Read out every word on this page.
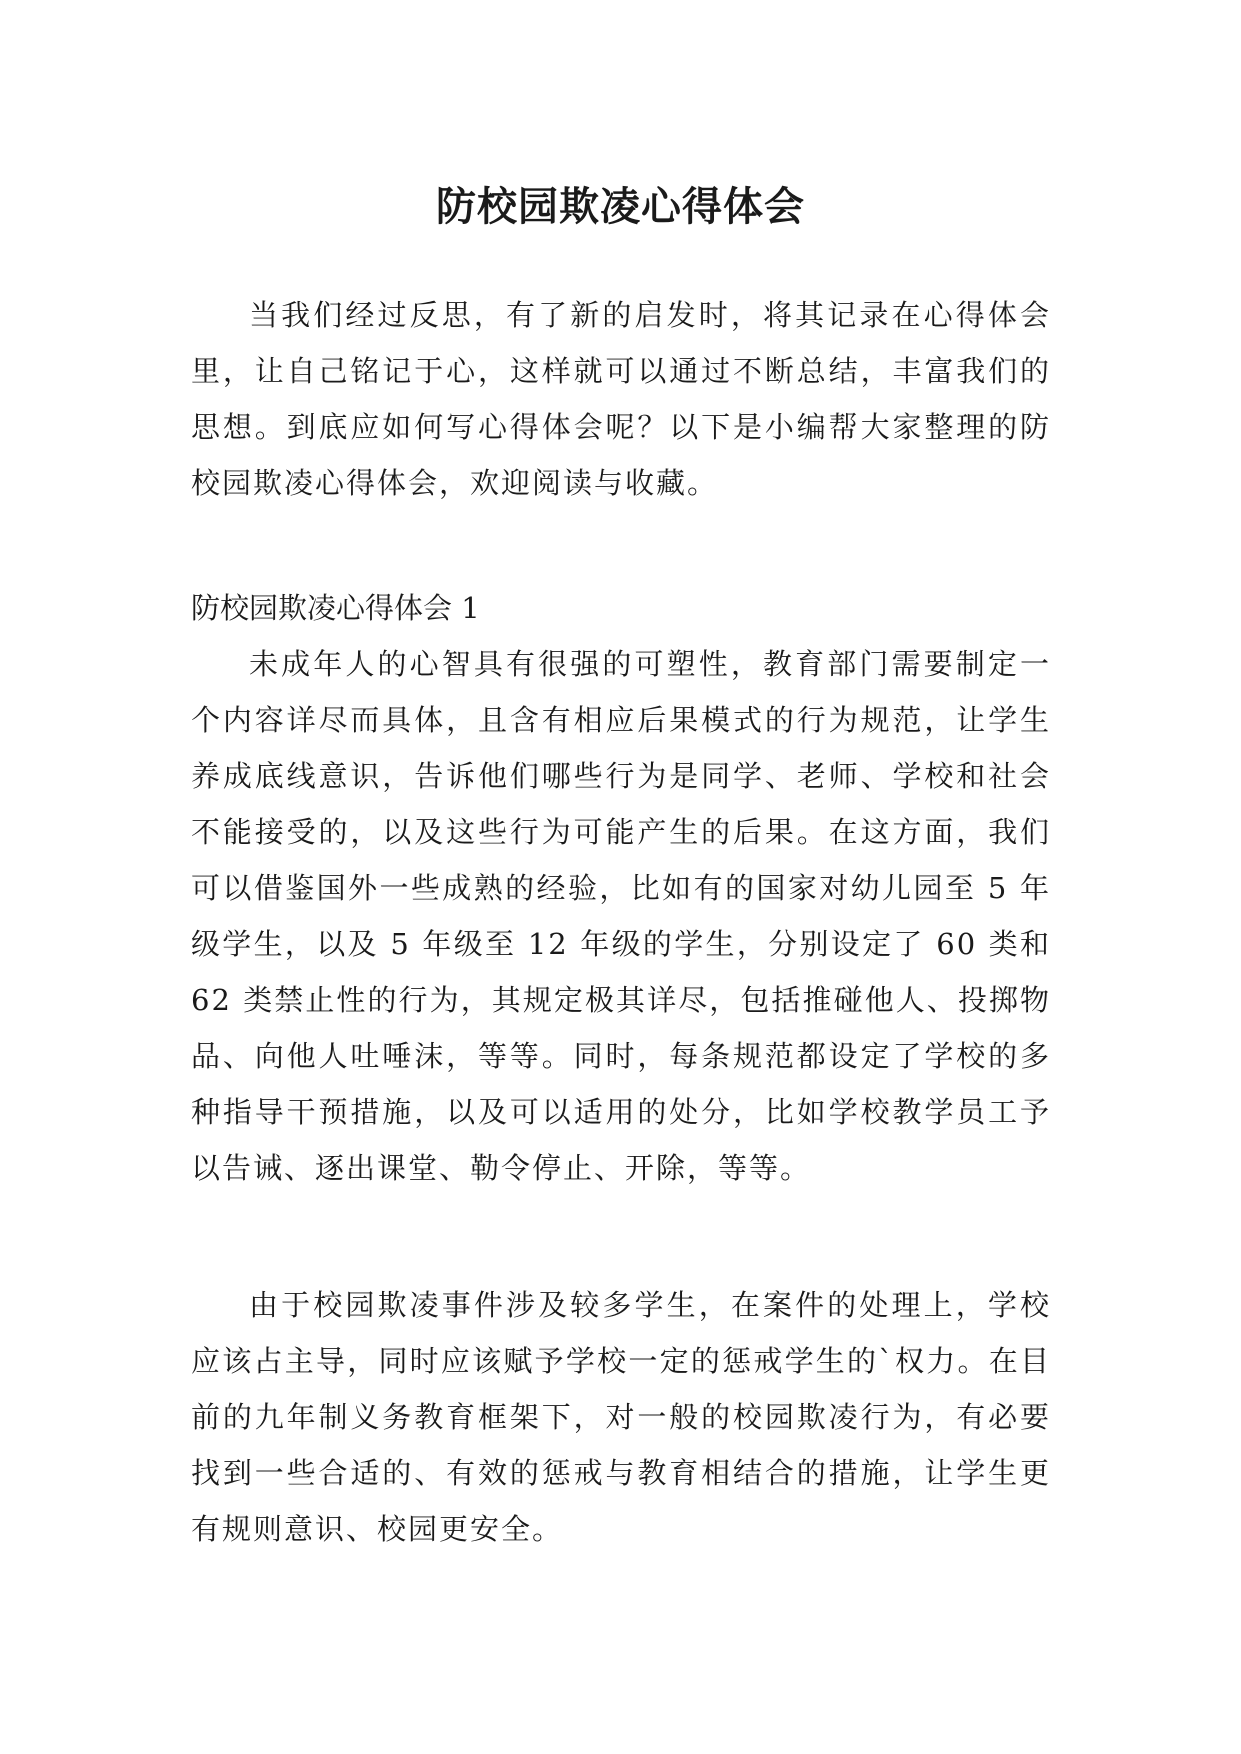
防校园欺凌心得体会

当我们经过反思，有了新的启发时，将其记录在心得体会里，让自己铭记于心，这样就可以通过不断总结，丰富我们的思想。到底应如何写心得体会呢？以下是小编帮大家整理的防校园欺凌心得体会，欢迎阅读与收藏。

防校园欺凌心得体会 1

未成年人的心智具有很强的可塑性，教育部门需要制定一个内容详尽而具体，且含有相应后果模式的行为规范，让学生养成底线意识，告诉他们哪些行为是同学、老师、学校和社会不能接受的，以及这些行为可能产生的后果。在这方面，我们可以借鉴国外一些成熟的经验，比如有的国家对幼儿园至 5 年级学生，以及 5 年级至 12 年级的学生，分别设定了 60 类和 62 类禁止性的行为，其规定极其详尽，包括推碰他人、投掷物品、向他人吐唾沫，等等。同时，每条规范都设定了学校的多种指导干预措施，以及可以适用的处分，比如学校教学员工予以告诫、逐出课堂、勒令停止、开除，等等。

由于校园欺凌事件涉及较多学生，在案件的处理上，学校应该占主导，同时应该赋予学校一定的惩戒学生的`权力。在目前的九年制义务教育框架下，对一般的校园欺凌行为，有必要找到一些合适的、有效的惩戒与教育相结合的措施，让学生更有规则意识、校园更安全。
